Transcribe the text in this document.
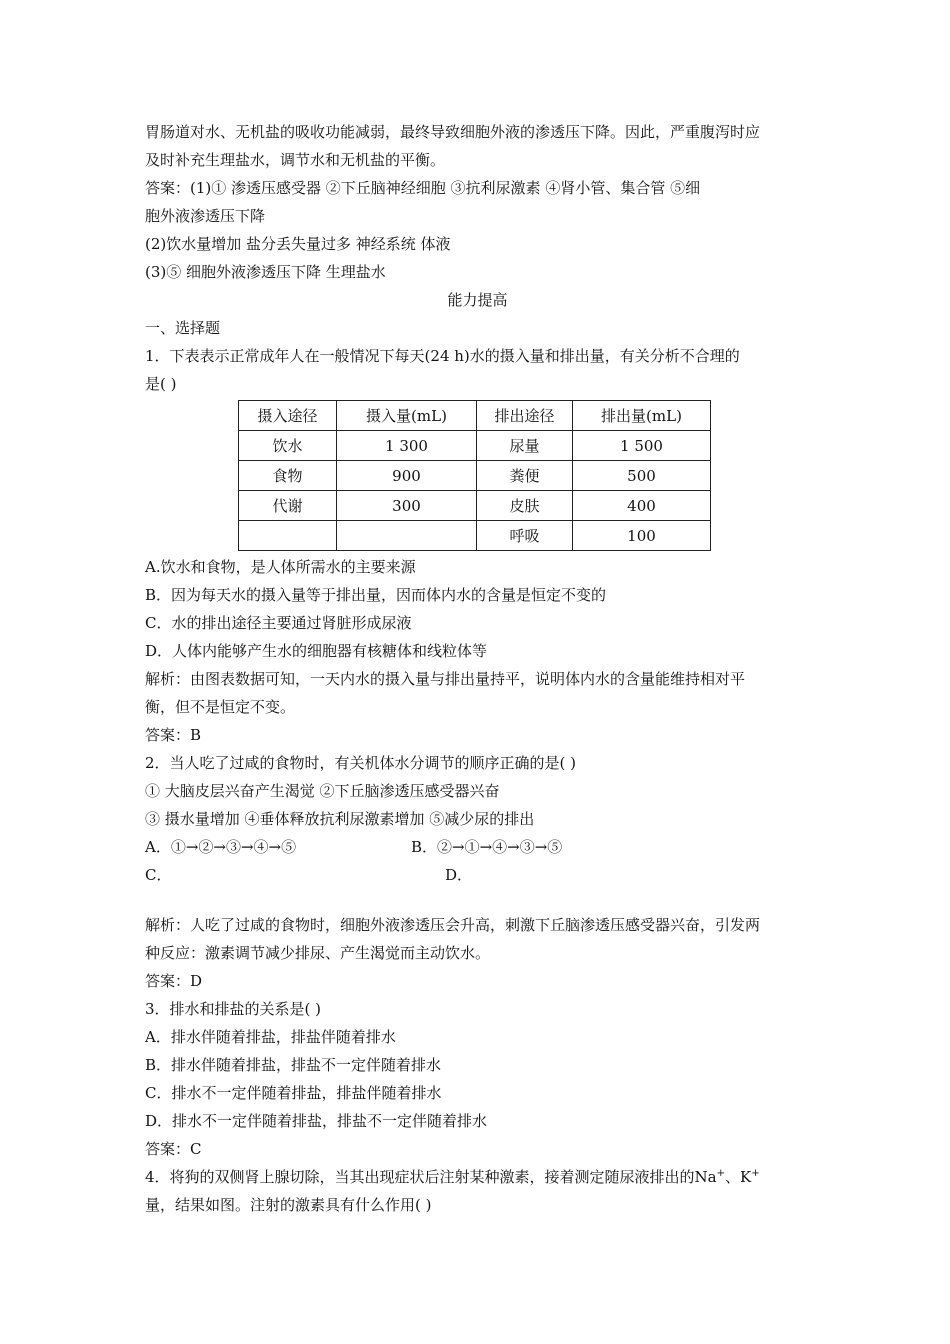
胃肠道对水、无机盐的吸收功能减弱，最终导致细胞外液的渗透压下降。因此，严重腹泻时应
及时补充生理盐水，调节水和无机盐的平衡。
答案：(1)① 渗透压感受器 ②下丘脑神经细胞 ③抗利尿激素 ④肾小管、集合管 ⑤细
胞外液渗透压下降
(2)饮水量增加 盐分丢失量过多 神经系统 体液
(3)⑤ 细胞外液渗透压下降 生理盐水
能力提高
一、选择题
1．下表表示正常成年人在一般情况下每天(24 h)水的摄入量和排出量，有关分析不合理的
是( )
摄入途径	摄入量(mL)	排出途径	排出量(mL)
饮水	1 300	尿量	1 500
食物	900	粪便	500
代谢	300	皮肤	400
		呼吸	100
A.饮水和食物，是人体所需水的主要来源
B．因为每天水的摄入量等于排出量，因而体内水的含量是恒定不变的
C．水的排出途径主要通过肾脏形成尿液
D．人体内能够产生水的细胞器有核糖体和线粒体等
解析：由图表数据可知，一天内水的摄入量与排出量持平，说明体内水的含量能维持相对平
衡，但不是恒定不变。
答案：B
2．当人吃了过咸的食物时，有关机体水分调节的顺序正确的是( )
① 大脑皮层兴奋产生渴觉 ②下丘脑渗透压感受器兴奋
③ 摄水量增加 ④垂体释放抗利尿激素增加 ⑤减少尿的排出
A．①→②→③→④→⑤	B．②→①→④→③→⑤
C．	D．
解析：人吃了过咸的食物时，细胞外液渗透压会升高，刺激下丘脑渗透压感受器兴奋，引发两
种反应：激素调节减少排尿、产生渴觉而主动饮水。
答案：D
3．排水和排盐的关系是( )
A．排水伴随着排盐，排盐伴随着排水
B．排水伴随着排盐，排盐不一定伴随着排水
C．排水不一定伴随着排盐，排盐伴随着排水
D．排水不一定伴随着排盐，排盐不一定伴随着排水
答案：C
4．将狗的双侧肾上腺切除，当其出现症状后注射某种激素，接着测定随尿液排出的Na+、K+
量，结果如图。注射的激素具有什么作用( )
